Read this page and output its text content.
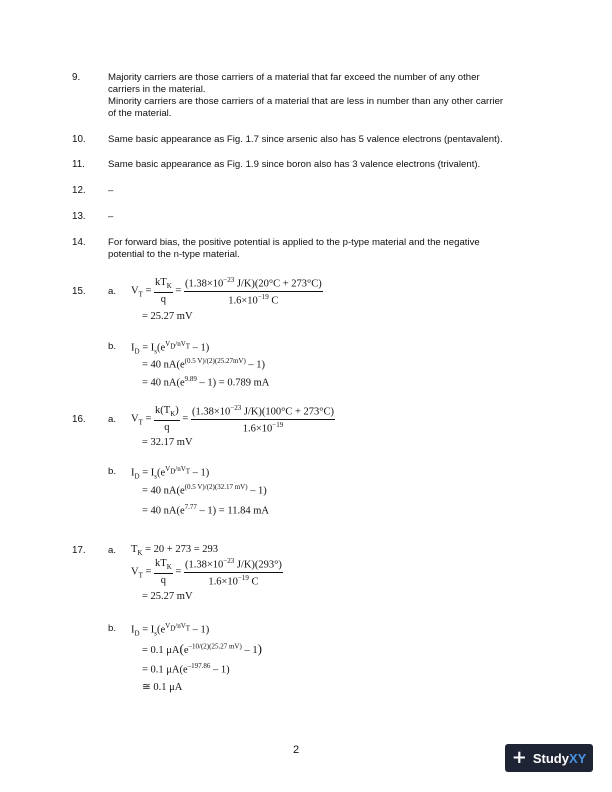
9.	Majority carriers are those carriers of a material that far exceed the number of any other
carriers in the material.
Minority carriers are those carriers of a material that are less in number than any other carrier
of the material.
10. Same basic appearance as Fig. 1.7 since arsenic also has 5 valence electrons (pentavalent).
11. Same basic appearance as Fig. 1.9 since boron also has 3 valence electrons (trivalent).
12. –
13. –
14. For forward bias, the positive potential is applied to the p-type material and the negative
potential to the n-type material.
15. a. $V_T = \frac{kT_K}{q} = \frac{(1.38\times 10^{-23} J/K)(20^\circ C + 273^\circ C)}{1.6\times 10^{-19} C}$
= 25.27 mV
b. $I_D = I_s(e^{V_D/nV_T} - 1)$
= 40 $nA(e^{(0.5 V)/(2)(25.27mV)} - 1)$
= 40 $nA(e^{9.89} - 1) = 0.789$ mA
16. a. $V_T = \frac{k(T_K)}{q} = \frac{(1.38\times 10^{-23} J/K)(100^\circ C + 273^\circ C)}{1.6\times 10^{-19}}$
= 32.17 mV
b. $I_D = I_s(e^{V_D/nV_T} - 1)$
= 40 $nA(e^{(0.5 V)/(2)(32.17 mV)} - 1)$
= 40 $nA(e^{7.77} - 1) = 11.84$ mA
17. a. $T_K = 20 + 273 = 293$
$V_T = \frac{kT_K}{q} = \frac{(1.38\times 10^{-23} J/K)(293^\circ)}{1.6\times 10^{-19} C}$
= 25.27 mV
b. $I_D = I_s(e^{V_D/nV_T} - 1)$
= 0.1 $\mu A(e^{-10/(2)(25.27 mV)} - 1)$
= 0.1 $\mu A(e^{-197.86} - 1)$
≅ 0.1 μA
2	+ StudyXY
